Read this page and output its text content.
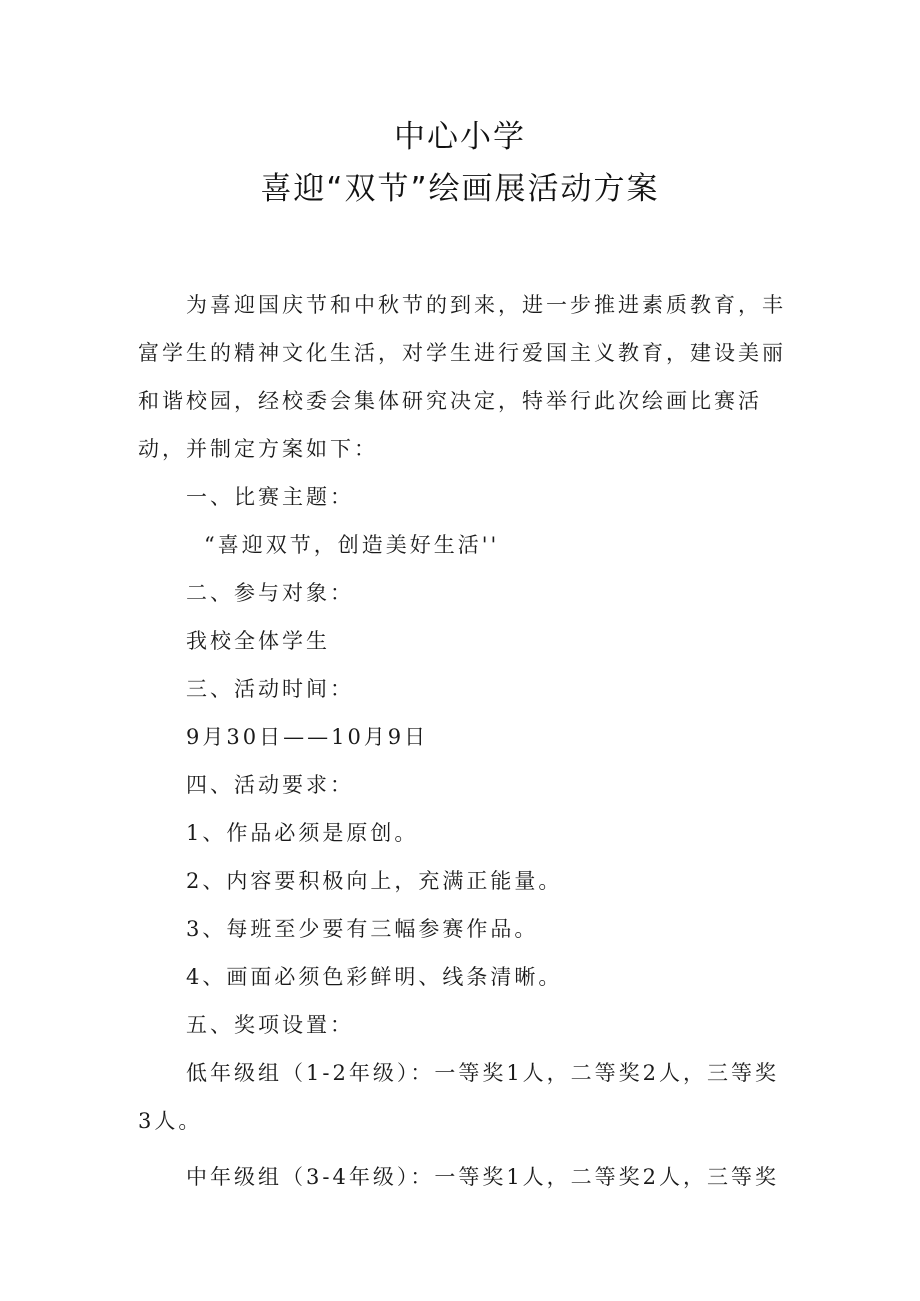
中心小学
喜迎“双节”绘画展活动方案
为喜迎国庆节和中秋节的到来，进一步推进素质教育，丰
富学生的精神文化生活，对学生进行爱国主义教育，建设美丽
和谐校园，经校委会集体研究决定，特举行此次绘画比赛活
动，并制定方案如下：
一、比赛主题：
“喜迎双节，创造美好生活''
二、参与对象：
我校全体学生
三、活动时间：
9月30日——10月9日
四、活动要求：
1、作品必须是原创。
2、内容要积极向上，充满正能量。
3、每班至少要有三幅参赛作品。
4、画面必须色彩鲜明、线条清晰。
五、奖项设置：
低年级组（1-2年级）：一等奖1人，二等奖2人，三等奖
3人。
中年级组（3-4年级）：一等奖1人，二等奖2人，三等奖
